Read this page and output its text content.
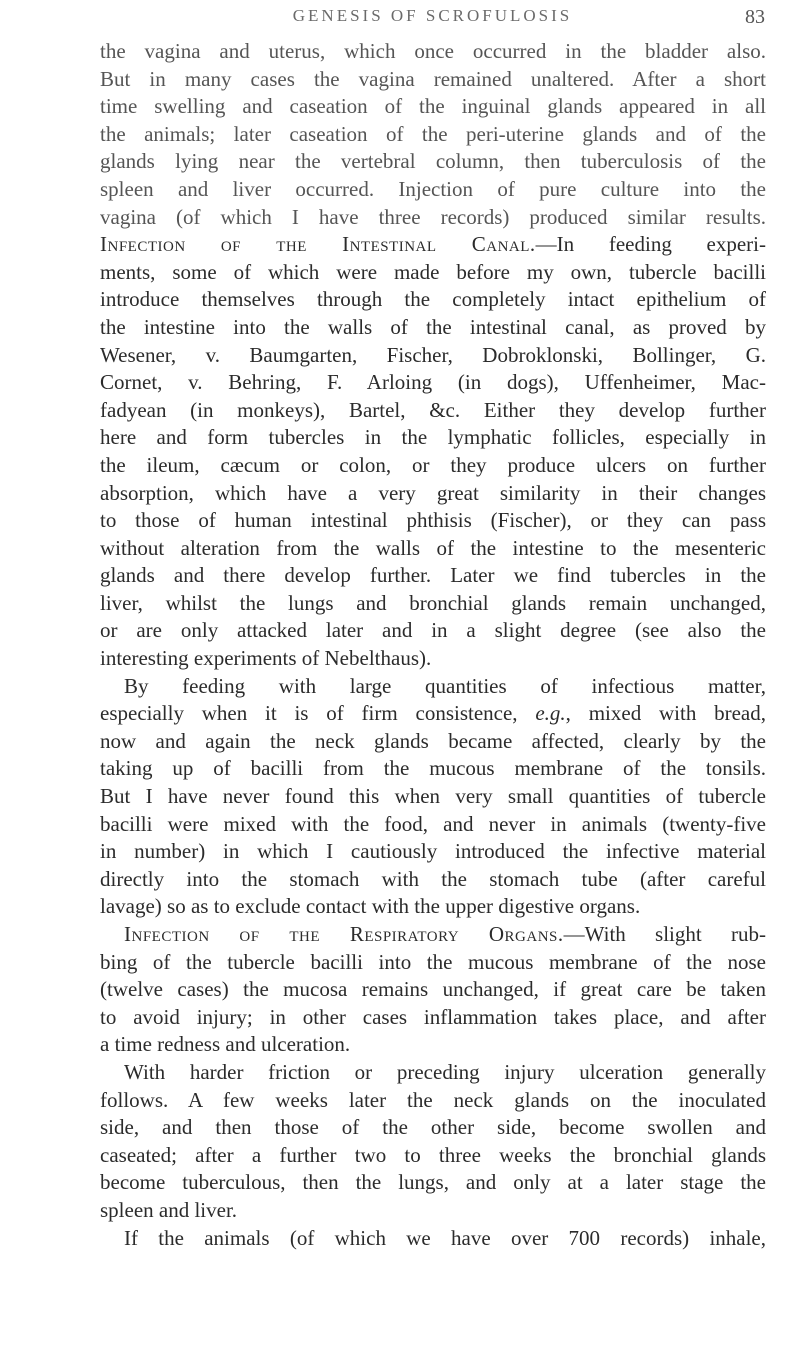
GENESIS OF SCROFULOSIS	83
the vagina and uterus, which once occurred in the bladder also.
But in many cases the vagina remained unaltered. After a short
time swelling and caseation of the inguinal glands appeared in all
the animals; later caseation of the peri-uterine glands and of the
glands lying near the vertebral column, then tuberculosis of the
spleen and liver occurred. Injection of pure culture into the
vagina (of which I have three records) produced similar results.
Infection of the Intestinal Canal.—In feeding experi-
ments, some of which were made before my own, tubercle bacilli
introduce themselves through the completely intact epithelium of
the intestine into the walls of the intestinal canal, as proved by
Wesener, v. Baumgarten, Fischer, Dobroklonski, Bollinger, G.
Cornet, v. Behring, F. Arloing (in dogs), Uffenheimer, Mac-
fadyean (in monkeys), Bartel, &c. Either they develop further
here and form tubercles in the lymphatic follicles, especially in
the ileum, cæcum or colon, or they produce ulcers on further
absorption, which have a very great similarity in their changes
to those of human intestinal phthisis (Fischer), or they can pass
without alteration from the walls of the intestine to the mesenteric
glands and there develop further. Later we find tubercles in the
liver, whilst the lungs and bronchial glands remain unchanged,
or are only attacked later and in a slight degree (see also the
interesting experiments of Nebelthaus).
By feeding with large quantities of infectious matter,
especially when it is of firm consistence, e.g., mixed with bread,
now and again the neck glands became affected, clearly by the
taking up of bacilli from the mucous membrane of the tonsils.
But I have never found this when very small quantities of tubercle
bacilli were mixed with the food, and never in animals (twenty-five
in number) in which I cautiously introduced the infective material
directly into the stomach with the stomach tube (after careful
lavage) so as to exclude contact with the upper digestive organs.
Infection of the Respiratory Organs.—With slight rub-
bing of the tubercle bacilli into the mucous membrane of the nose
(twelve cases) the mucosa remains unchanged, if great care be taken
to avoid injury; in other cases inflammation takes place, and after
a time redness and ulceration.
With harder friction or preceding injury ulceration generally
follows. A few weeks later the neck glands on the inoculated
side, and then those of the other side, become swollen and
caseated; after a further two to three weeks the bronchial glands
become tuberculous, then the lungs, and only at a later stage the
spleen and liver.
If the animals (of which we have over 700 records) inhale,
